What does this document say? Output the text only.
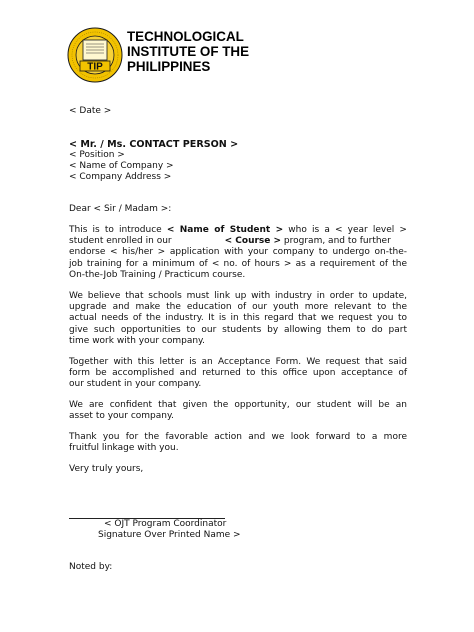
TIP
TECHNOLOGICAL
INSTITUTE OF THE
PHILIPPINES
< Date >
< Mr. / Ms. CONTACT PERSON >
< Position >
< Name of Company >
< Company Address >
Dear < Sir / Madam >:
This is to introduce < Name of Student > who is a < year level >
student enrolled in our	< Course > program, and to further
endorse < his/her > application with your company to undergo on-the-
job training for a minimum of < no. of hours > as a requirement of the
On-the-Job Training / Practicum course.
We believe that schools must link up with industry in order to update,
upgrade and make the education of our youth more relevant to the
actual needs of the industry. It is in this regard that we request you to
give such opportunities to our students by allowing them to do part
time work with your company.
Together with this letter is an Acceptance Form. We request that said
form be accomplished and returned to this office upon acceptance of
our student in your company.
We are confident that given the opportunity, our student will be an
asset to your company.
Thank you for the favorable action and we look forward to a more
fruitful linkage with you.
Very truly yours,
< OJT Program Coordinator
Signature Over Printed Name >
Noted by:
